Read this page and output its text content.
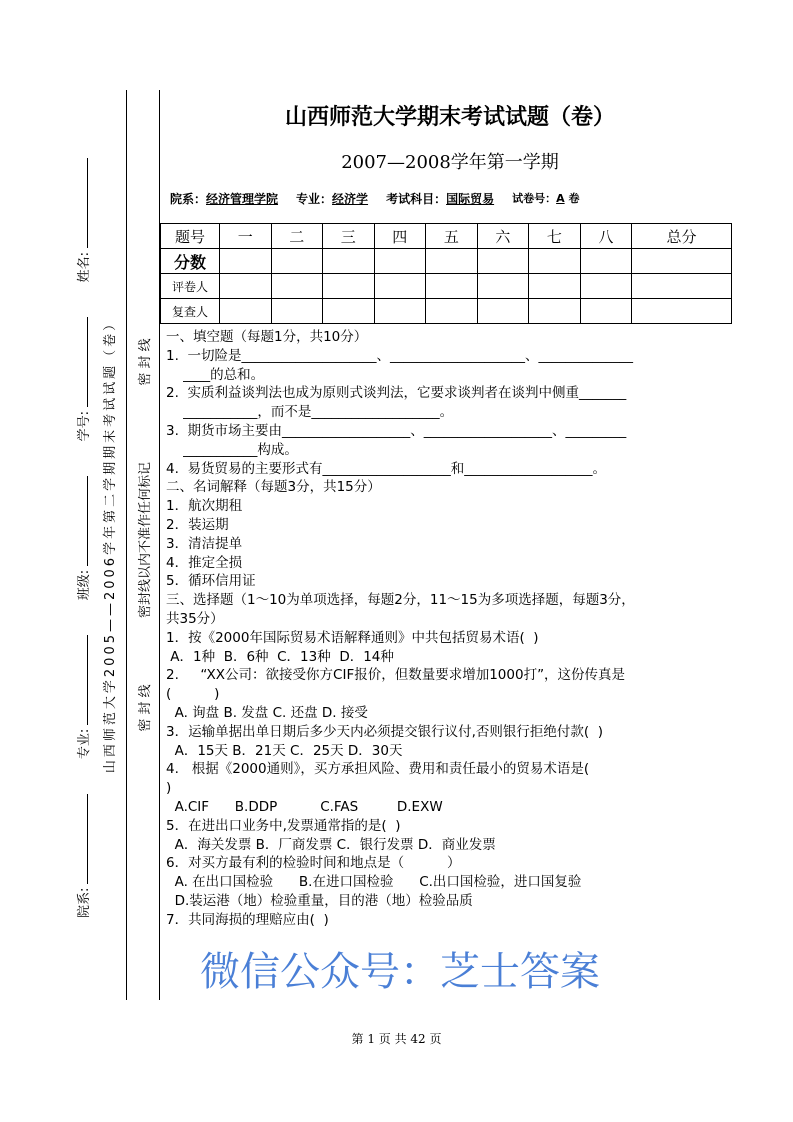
院系:
专业:
班级:
学号:
姓名:
山西师范大学2005——2006学年第二学期期末考试试题（卷） 密 封 线
密封线以内不准作任何标记
密 封 线
山西师范大学期末考试试题（卷）
2007—2008学年第一学期
院系：经济管理学院 专业：经济学 考试科目：国际贸易 试卷号：A 卷
题号	一	二	三	四	五	六	七	八	总分
分数									
评卷人									
复查人									
一、填空题（每题1分，共10分）
1.  一切险是____________________、____________________、______________
____的总和。
2.  实质利益谈判法也成为原则式谈判法，它要求谈判者在谈判中侧重_______
___________，而不是___________________。
3.  期货市场主要由___________________、___________________、_________
___________构成。
4.  易货贸易的主要形式有___________________和___________________。
二、名词解释（每题3分，共15分）
1．航次期租
2．装运期
3．清洁提单
4．推定全损
5．循环信用证
三、选择题（1～10为单项选择，每题2分，11～15为多项选择题，每题3分，
共35分）
1．按《2000年国际贸易术语解释通则》中共包括贸易术语(  )
A．1种  B．6种  C．13种  D．14种
2.     “XX公司：欲接受你方CIF报价，但数量要求增加1000打”，这份传真是
(          )
A. 询盘 B. 发盘 C. 还盘 D. 接受
3．运输单据出单日期后多少天内必须提交银行议付,否则银行拒绝付款(  )
A．15天 B．21天 C．25天 D．30天
4.   根据《2000通则》，买方承担风险、费用和责任最小的贸易术语是(
)
A.CIF      B.DDP          C.FAS         D.EXW
5．在进出口业务中,发票通常指的是(  )
A．海关发票 B．厂商发票 C．银行发票 D．商业发票
6．对买方最有利的检验时间和地点是（          ）
A. 在出口国检验      B.在进口国检验      C.出口国检验，进口国复验
D.装运港（地）检验重量，目的港（地）检验品质
7．共同海损的理赔应由(  )
微信公众号：芝士答案
第 1 页 共 42 页
